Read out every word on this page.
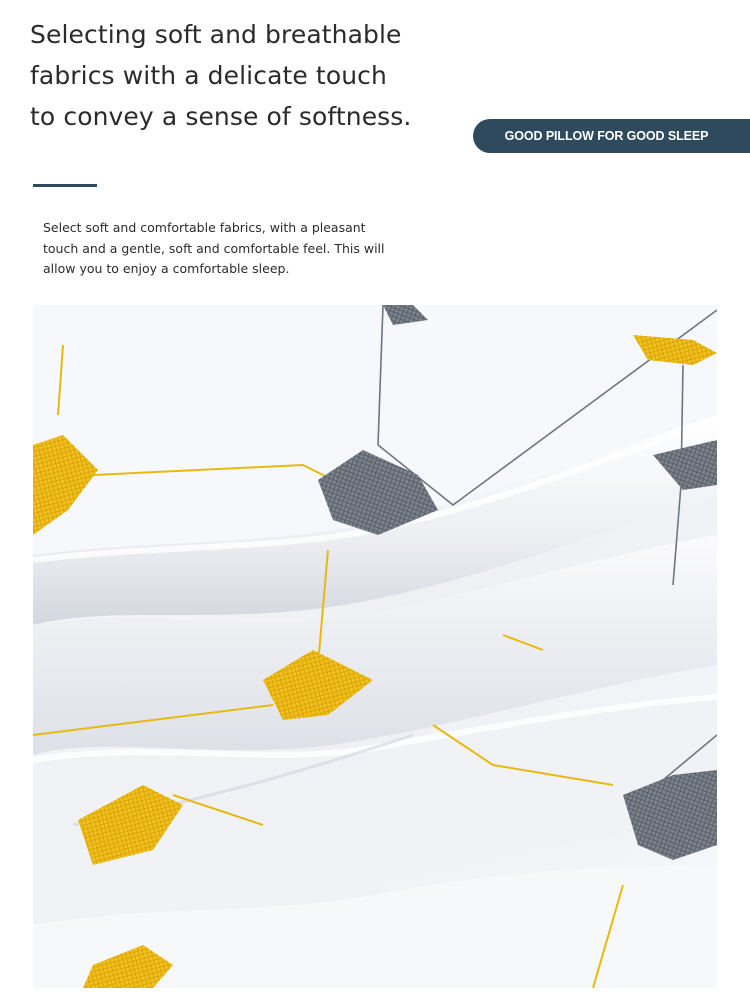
Selecting soft and breathable
fabrics with a delicate touch
to convey a sense of softness.
GOOD PILLOW FOR GOOD SLEEP

Select soft and comfortable fabrics, with a pleasant
touch and a gentle, soft and comfortable feel. This will
allow you to enjoy a comfortable sleep.
